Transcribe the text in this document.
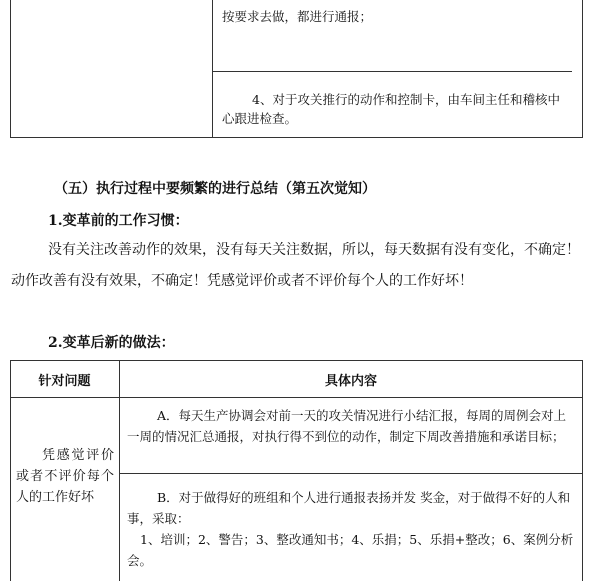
按要求去做，都进行通报；
4、对于攻关推行的动作和控制卡，由车间主任和稽核中心跟进检查。
（五）执行过程中要频繁的进行总结（第五次觉知）
1.变革前的工作习惯：
没有关注改善动作的效果，没有每天关注数据，所以，每天数据有没有变化，不确定！动作改善有没有效果，不确定！凭感觉评价或者不评价每个人的工作好坏！
2.变革后新的做法：
针对问题	具体内容
凭感觉评价或者不评价每个人的工作好坏
A．每天生产协调会对前一天的攻关情况进行小结汇报，每周的周例会对上一周的情况汇总通报，对执行得不到位的动作，制定下周改善措施和承诺目标；
B．对于做得好的班组和个人进行通报表扬并发 奖金，对于做得不好的人和事，采取：
1、培训；2、警告；3、整改通知书；4、乐捐；5、乐捐+整改；6、案例分析会。
